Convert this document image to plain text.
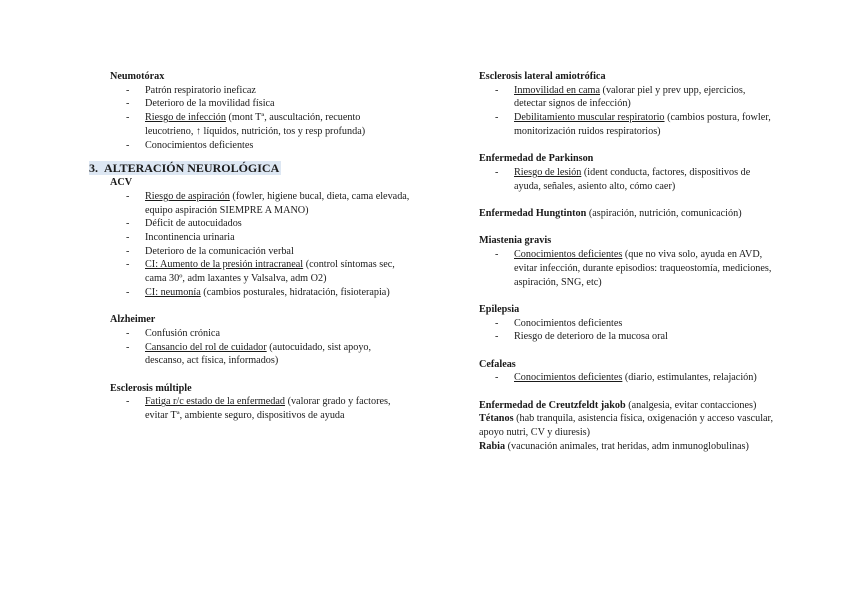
Neumotórax
- Patrón respiratorio ineficaz
- Deterioro de la movilidad física
- Riesgo de infección (mont Tª, auscultación, recuento leucotrieno, ↑ líquidos, nutrición, tos y resp profunda)
- Conocimientos deficientes
3. ALTERACIÓN NEUROLÓGICA
ACV
- Riesgo de aspiración (fowler, higiene bucal, dieta, cama elevada, equipo aspiración SIEMPRE A MANO)
- Déficit de autocuidados
- Incontinencia urinaria
- Deterioro de la comunicación verbal
- CI: Aumento de la presión intracraneal (control síntomas sec, cama 30º, adm laxantes y Valsalva, adm O2)
- CI: neumonía (cambios posturales, hidratación, fisioterapia)
Alzheimer
- Confusión crónica
- Cansancio del rol de cuidador (autocuidado, sist apoyo, descanso, act física, informados)
Esclerosis múltiple
- Fatiga r/c estado de la enfermedad (valorar grado y factores, evitar Tª, ambiente seguro, dispositivos de ayuda
Esclerosis lateral amiotrófica
- Inmovilidad en cama (valorar piel y prev upp, ejercicios, detectar signos de infección)
- Debilitamiento muscular respiratorio (cambios postura, fowler, monitorización ruidos respiratorios)
Enfermedad de Parkinson
- Riesgo de lesión (ident conducta, factores, dispositivos de ayuda, señales, asiento alto, cómo caer)
Enfermedad Hungtinton (aspiración, nutrición, comunicación)
Miastenia gravis
- Conocimientos deficientes (que no viva solo, ayuda en AVD, evitar infección, durante episodios: traqueostomía, mediciones, aspiración, SNG, etc)
Epilepsia
- Conocimientos deficientes
- Riesgo de deterioro de la mucosa oral
Cefaleas
- Conocimientos deficientes (diario, estimulantes, relajación)
Enfermedad de Creutzfeldt jakob (analgesia, evitar contacciones)
Tétanos (hab tranquila, asistencia física, oxigenación y acceso vascular, apoyo nutri, CV y diuresis)
Rabia (vacunación animales, trat heridas, adm inmunoglobulinas)
